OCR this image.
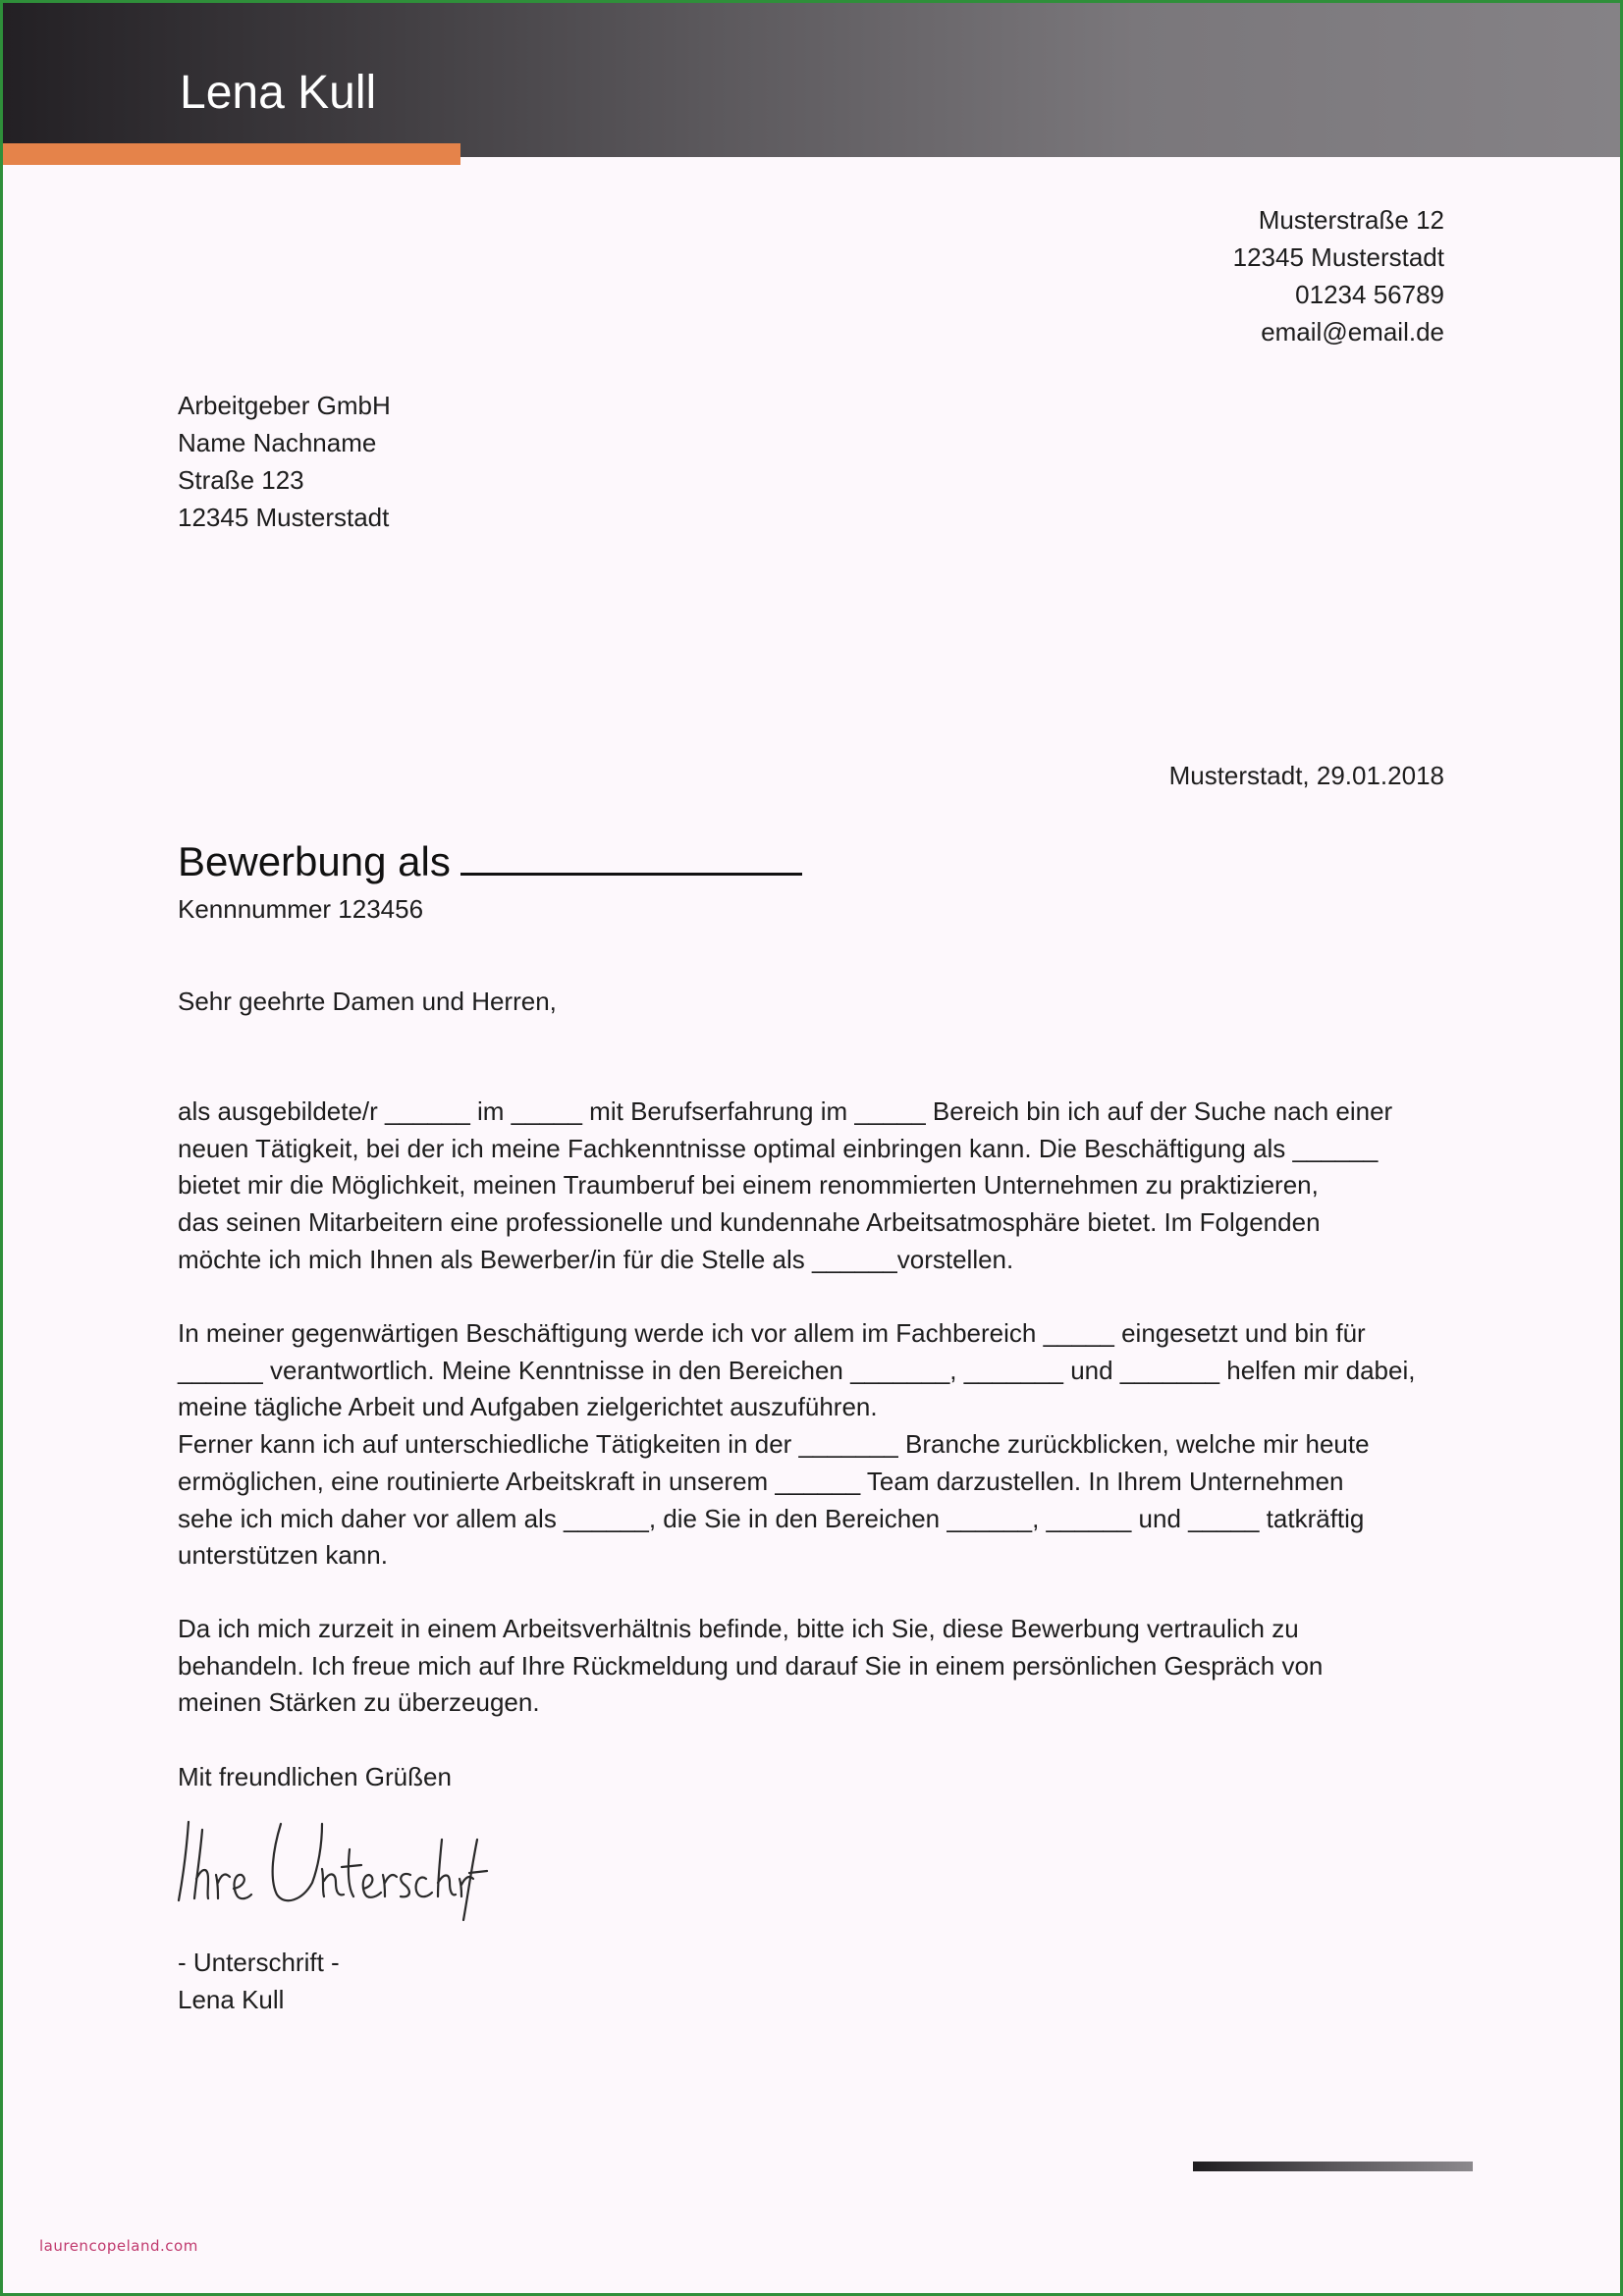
Lena Kull
Musterstraße 12
12345 Musterstadt
01234 56789
email@email.de
Arbeitgeber GmbH
Name Nachname
Straße 123
12345 Musterstadt
Musterstadt, 29.01.2018
Bewerbung als
Kennnummer 123456
Sehr geehrte Damen und Herren,
als ausgebildete/r ______ im _____ mit Berufserfahrung im _____ Bereich bin ich auf der Suche nach einer
neuen Tätigkeit, bei der ich meine Fachkenntnisse optimal einbringen kann. Die Beschäftigung als ______
bietet mir die Möglichkeit, meinen Traumberuf bei einem renommierten Unternehmen zu praktizieren,
das seinen Mitarbeitern eine professionelle und kundennahe Arbeitsatmosphäre bietet. Im Folgenden
möchte ich mich Ihnen als Bewerber/in für die Stelle als ______vorstellen.
In meiner gegenwärtigen Beschäftigung werde ich vor allem im Fachbereich _____ eingesetzt und bin für
______ verantwortlich. Meine Kenntnisse in den Bereichen _______, _______ und _______ helfen mir dabei,
meine tägliche Arbeit und Aufgaben zielgerichtet auszuführen.
Ferner kann ich auf unterschiedliche Tätigkeiten in der _______ Branche zurückblicken, welche mir heute
ermöglichen, eine routinierte Arbeitskraft in unserem ______ Team darzustellen. In Ihrem Unternehmen
sehe ich mich daher vor allem als ______, die Sie in den Bereichen ______, ______ und _____ tatkräftig
unterstützen kann.
Da ich mich zurzeit in einem Arbeitsverhältnis befinde, bitte ich Sie, diese Bewerbung vertraulich zu
behandeln. Ich freue mich auf Ihre Rückmeldung und darauf Sie in einem persönlichen Gespräch von
meinen Stärken zu überzeugen.
Mit freundlichen Grüßen
- Unterschrift -
Lena Kull
laurencopeland.com
